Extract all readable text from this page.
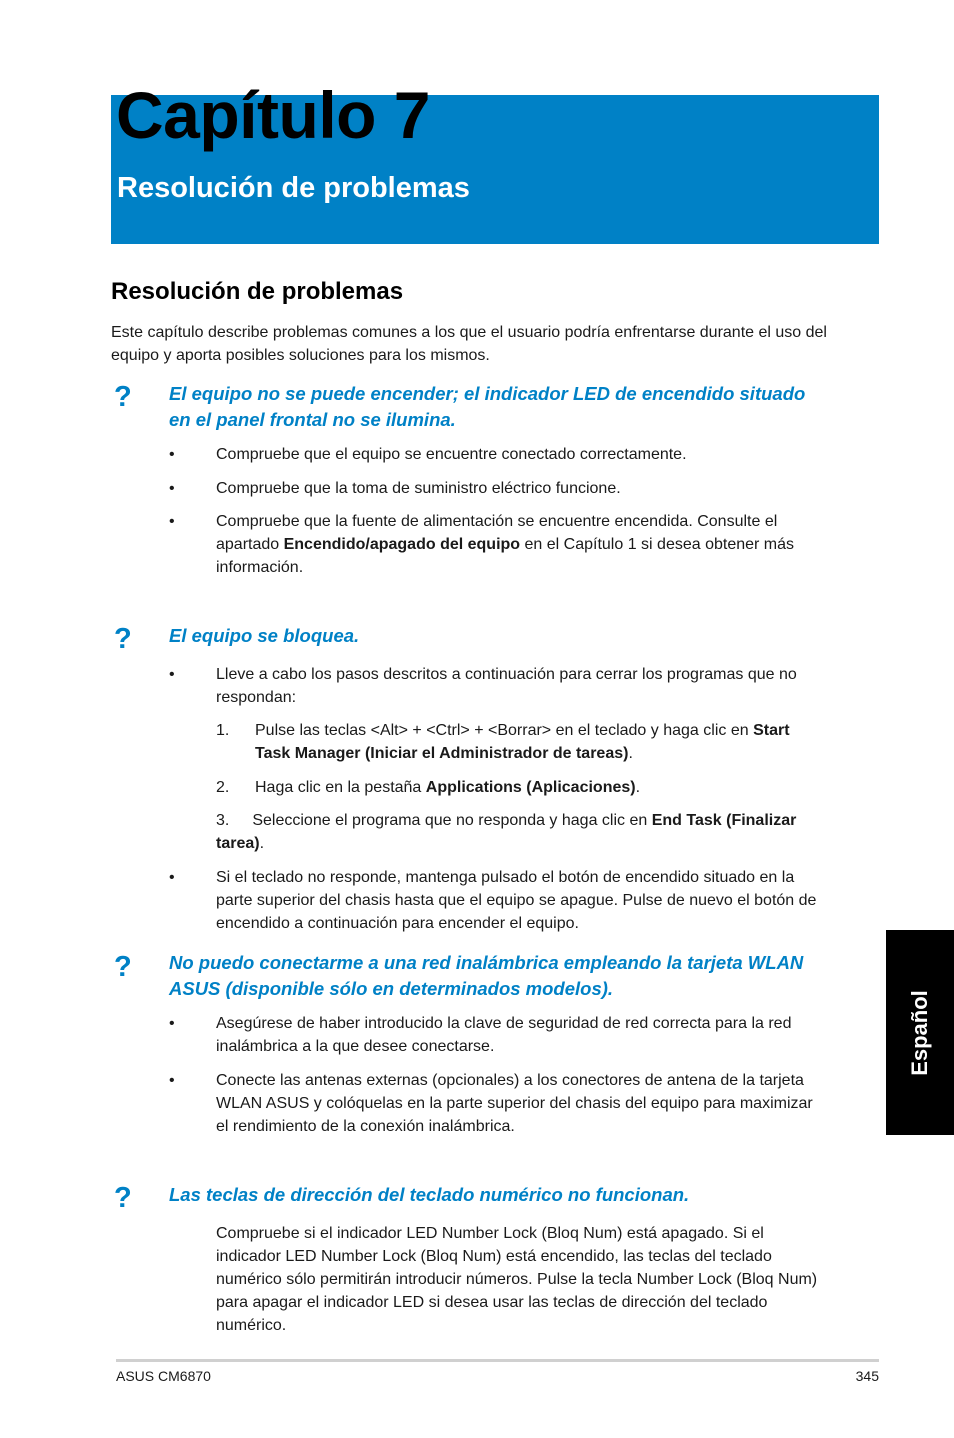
Capítulo 7
Resolución de problemas
Resolución de problemas

Este capítulo describe problemas comunes a los que el usuario podría enfrentarse durante el uso del equipo y aporta posibles soluciones para los mismos.

? El equipo no se puede encender; el indicador LED de encendido situado en el panel frontal no se ilumina.

•	Compruebe que el equipo se encuentre conectado correctamente.

•	Compruebe que la toma de suministro eléctrico funcione.

•	Compruebe que la fuente de alimentación se encuentre encendida. Consulte el apartado Encendido/apagado del equipo en el Capítulo 1 si desea obtener más información.

? El equipo se bloquea.

•	Lleve a cabo los pasos descritos a continuación para cerrar los programas que no respondan:

1. Pulse las teclas <Alt> + <Ctrl> + <Borrar> en el teclado y haga clic en Start Task Manager (Iniciar el Administrador de tareas).

2. Haga clic en la pestaña Applications (Aplicaciones).

3. Seleccione el programa que no responda y haga clic en End Task (Finalizar tarea).

•	Si el teclado no responde, mantenga pulsado el botón de encendido situado en la parte superior del chasis hasta que el equipo se apague. Pulse de nuevo el botón de encendido a continuación para encender el equipo.

? No puedo conectarme a una red inalámbrica empleando la tarjeta WLAN ASUS (disponible sólo en determinados modelos).

•	Asegúrese de haber introducido la clave de seguridad de red correcta para la red inalámbrica a la que desee conectarse.

•	Conecte las antenas externas (opcionales) a los conectores de antena de la tarjeta WLAN ASUS y colóquelas en la parte superior del chasis del equipo para maximizar el rendimiento de la conexión inalámbrica.

? Las teclas de dirección del teclado numérico no funcionan.

Compruebe si el indicador LED Number Lock (Bloq Num) está apagado. Si el indicador LED Number Lock (Bloq Num) está encendido, las teclas del teclado numérico sólo permitirán introducir números. Pulse la tecla Number Lock (Bloq Num) para apagar el indicador LED si desea usar las teclas de dirección del teclado numérico.

Español
ASUS CM6870	345
